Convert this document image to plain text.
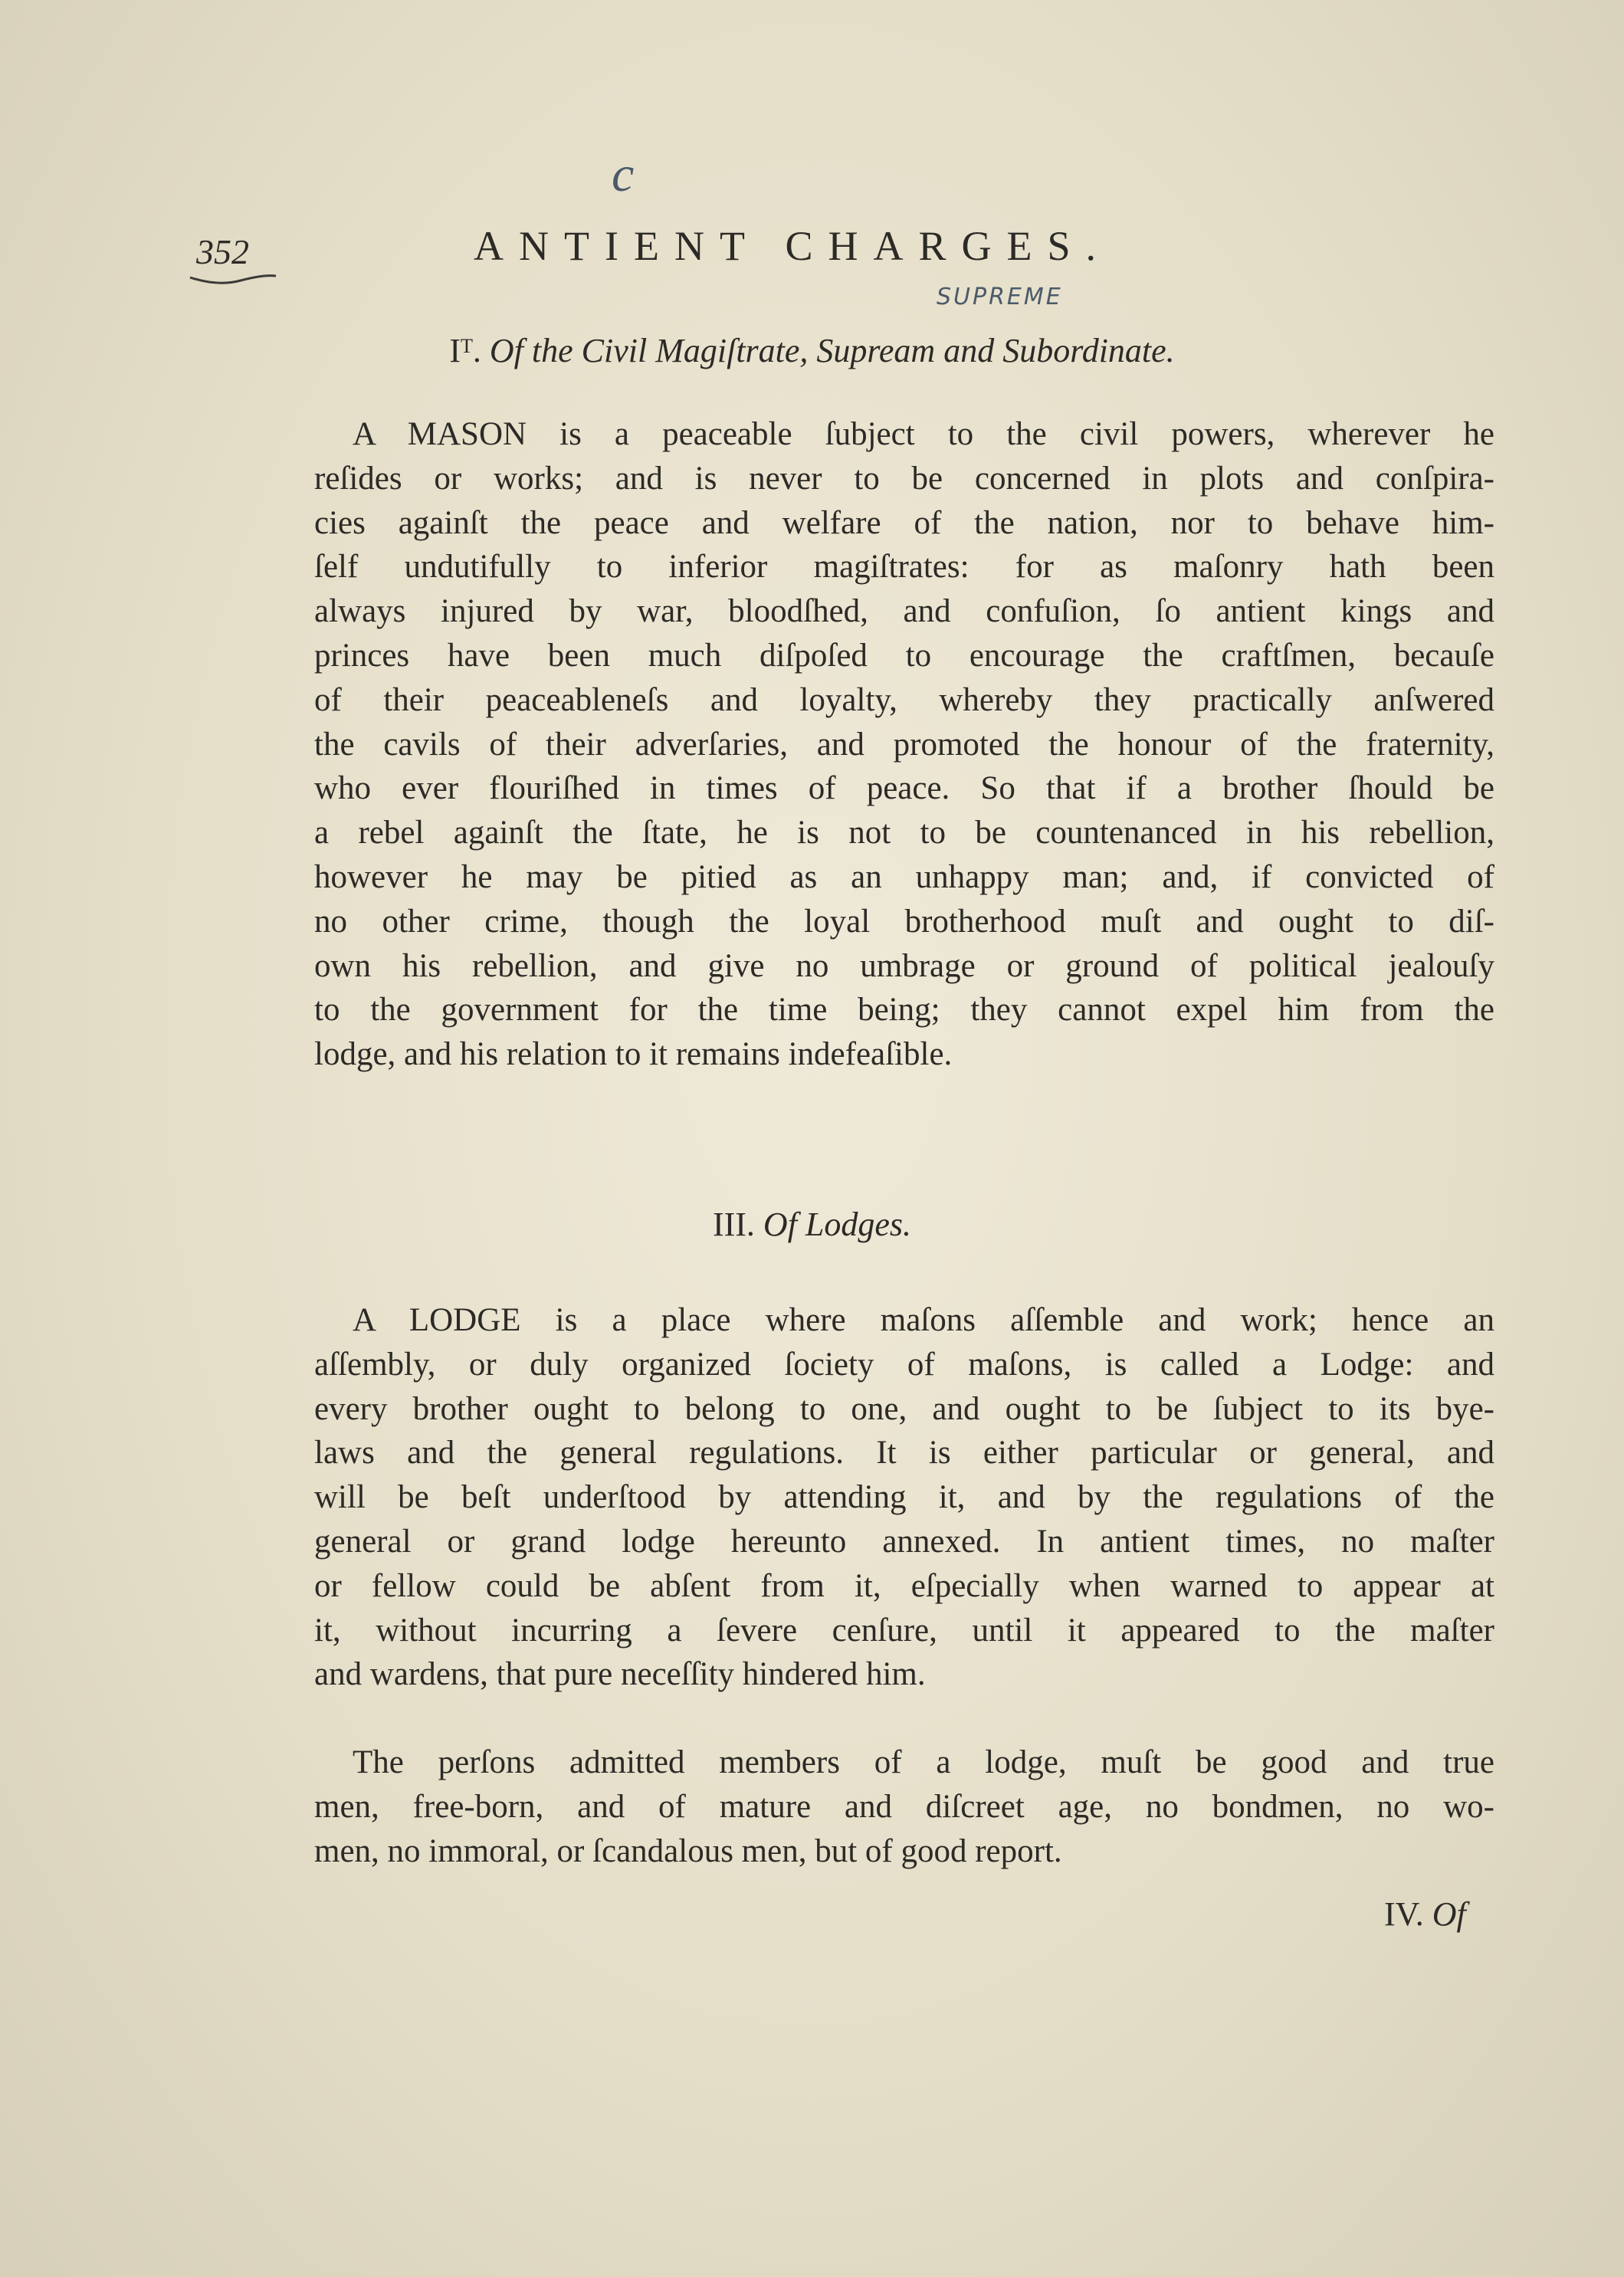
c
352	ANTIENT CHARGES.
SUPREME
Iᵀ. Of the Civil Magiſtrate, Supream and Subordinate.
A MASON is a peaceable ſubject to the civil powers, wherever he
reſides or works; and is never to be concerned in plots and conſpira-
cies againſt the peace and welfare of the nation, nor to behave him-
ſelf undutifully to inferior magiſtrates: for as maſonry hath been
always injured by war, bloodſhed, and confuſion, ſo antient kings and
princes have been much diſpoſed to encourage the craftſmen, becauſe
of their peaceableneſs and loyalty, whereby they practically anſwered
the cavils of their adverſaries, and promoted the honour of the fraternity,
who ever flouriſhed in times of peace. So that if a brother ſhould be
a rebel againſt the ſtate, he is not to be countenanced in his rebellion,
however he may be pitied as an unhappy man; and, if convicted of
no other crime, though the loyal brotherhood muſt and ought to diſ-
own his rebellion, and give no umbrage or ground of political jealouſy
to the government for the time being; they cannot expel him from the
lodge, and his relation to it remains indefeaſible.
III. Of Lodges.
A LODGE is a place where maſons aſſemble and work; hence an
aſſembly, or duly organized ſociety of maſons, is called a Lodge: and
every brother ought to belong to one, and ought to be ſubject to its bye-
laws and the general regulations. It is either particular or general, and
will be beſt underſtood by attending it, and by the regulations of the
general or grand lodge hereunto annexed. In antient times, no maſter
or fellow could be abſent from it, eſpecially when warned to appear at
it, without incurring a ſevere cenſure, until it appeared to the maſter
and wardens, that pure neceſſity hindered him.
The perſons admitted members of a lodge, muſt be good and true
men, free-born, and of mature and diſcreet age, no bondmen, no wo-
men, no immoral, or ſcandalous men, but of good report.
IV. Of
